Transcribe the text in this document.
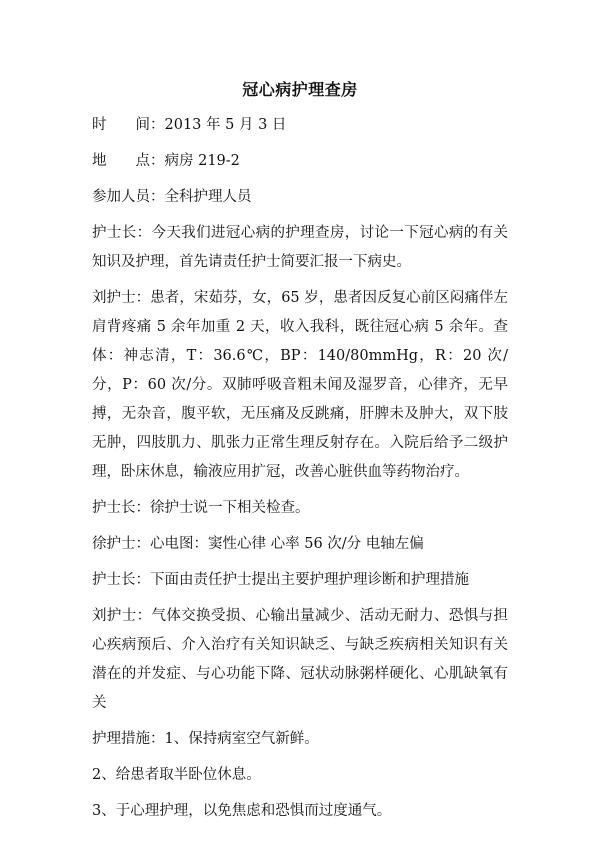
冠心病护理查房

时　　间：2013 年 5 月 3 日

地　　点：病房 219-2

参加人员：全科护理人员

护士长：今天我们进冠心病的护理查房，讨论一下冠心病的有关知识及护理，首先请责任护士简要汇报一下病史。

刘护士：患者，宋茹芬，女，65 岁，患者因反复心前区闷痛伴左肩背疼痛 5 余年加重 2 天，收入我科，既往冠心病 5 余年。查体：神志清，T：36.6℃，BP：140/80mmHg，R：20 次/分，P：60 次/分。双肺呼吸音粗未闻及湿罗音，心律齐，无早搏，无杂音，腹平软，无压痛及反跳痛，肝脾未及肿大，双下肢无肿，四肢肌力、肌张力正常生理反射存在。入院后给予二级护理，卧床休息，输液应用扩冠，改善心脏供血等药物治疗。

护士长：徐护士说一下相关检查。

徐护士：心电图：窦性心律 心率 56 次/分 电轴左偏

护士长：下面由责任护士提出主要护理护理诊断和护理措施

刘护士：气体交换受损、心输出量减少、活动无耐力、恐惧与担心疾病预后、介入治疗有关知识缺乏、与缺乏疾病相关知识有关潜在的并发症、与心功能下降、冠状动脉粥样硬化、心肌缺氧有关

护理措施：1、保持病室空气新鲜。

2、给患者取半卧位休息。

3、于心理护理，以免焦虑和恐惧而过度通气。
